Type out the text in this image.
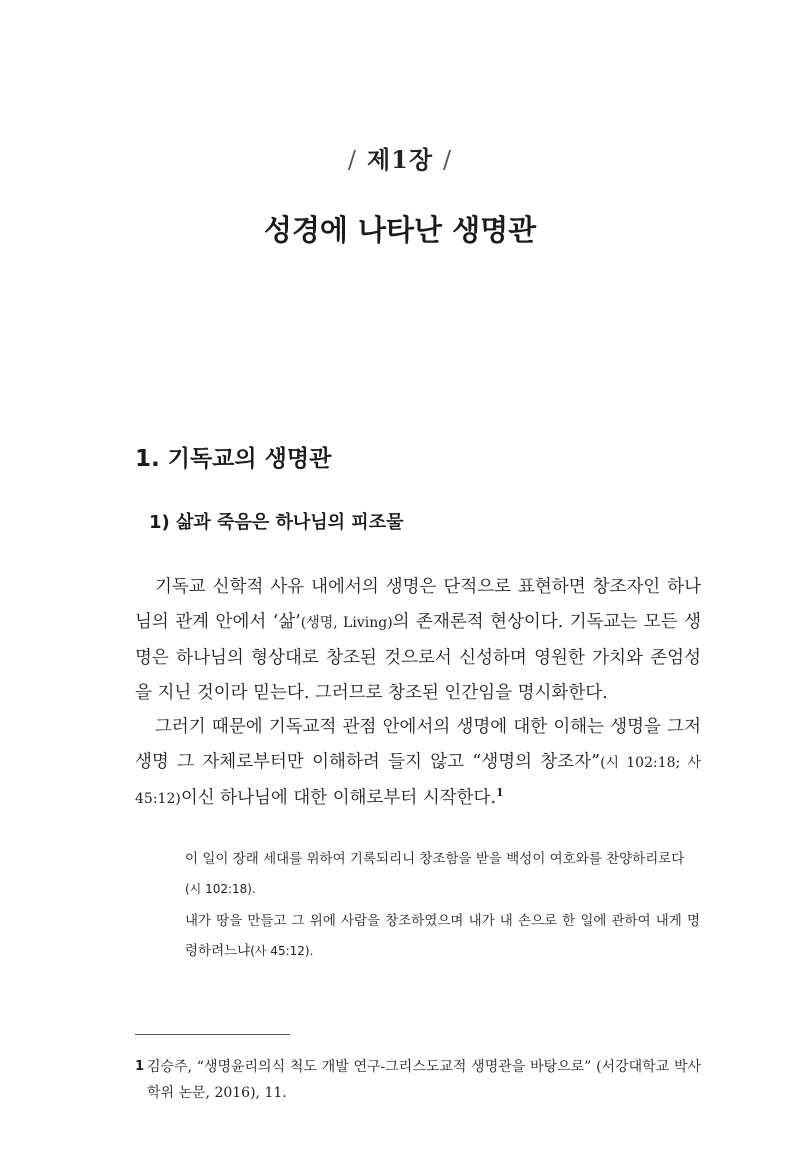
/ 제1장 /
성경에 나타난 생명관
1. 기독교의 생명관
1) 삶과 죽음은 하나님의 피조물

기독교 신학적 사유 내에서의 생명은 단적으로 표현하면 창조자인 하나님의 관계 안에서 ‘삶’(생명, Living)의 존재론적 현상이다. 기독교는 모든 생명은 하나님의 형상대로 창조된 것으로서 신성하며 영원한 가치와 존엄성을 지닌 것이라 믿는다. 그러므로 창조된 인간임을 명시화한다.

그러기 때문에 기독교적 관점 안에서의 생명에 대한 이해는 생명을 그저 생명 그 자체로부터만 이해하려 들지 않고 “생명의 창조자”(시 102:18; 사 45:12)이신 하나님에 대한 이해로부터 시작한다.$^1$

이 일이 장래 세대를 위하여 기록되리니 창조함을 받을 백성이 여호와를 찬양하리로다
(시 102:18).

내가 땅을 만들고 그 위에 사람을 창조하였으며 내가 내 손으로 한 일에 관하여 내게 명령하려느냐(사 45:12).

1 김승주, “생명윤리의식 척도 개발 연구-그리스도교적 생명관을 바탕으로” (서강대학교 박사 학위 논문, 2016), 11.
